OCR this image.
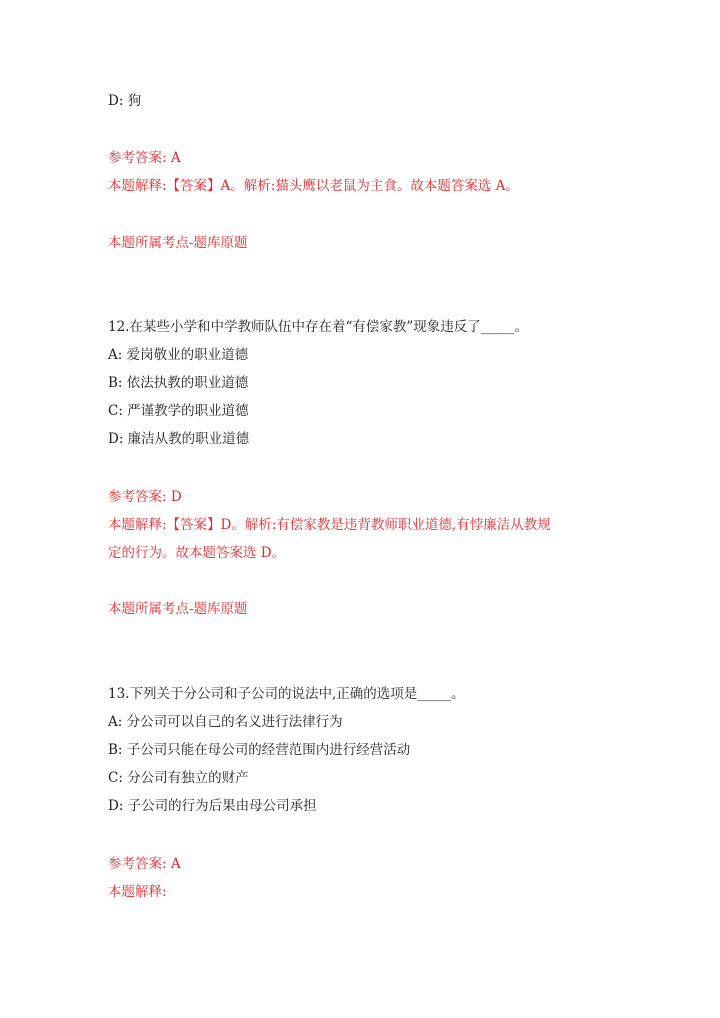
D: 狗
参考答案: A
本题解释:【答案】A。解析:猫头鹰以老鼠为主食。故本题答案选 A。
本题所属考点-题库原题
12.在某些小学和中学教师队伍中存在着“有偿家教”现象违反了_____。
A: 爱岗敬业的职业道德
B: 依法执教的职业道德
C: 严谨教学的职业道德
D: 廉洁从教的职业道德
参考答案: D
本题解释:【答案】D。解析:有偿家教是违背教师职业道德,有悖廉洁从教规
定的行为。故本题答案选 D。
本题所属考点-题库原题
13.下列关于分公司和子公司的说法中,正确的选项是_____。
A: 分公司可以自己的名义进行法律行为
B: 子公司只能在母公司的经营范围内进行经营活动
C: 分公司有独立的财产
D: 子公司的行为后果由母公司承担
参考答案: A
本题解释:
